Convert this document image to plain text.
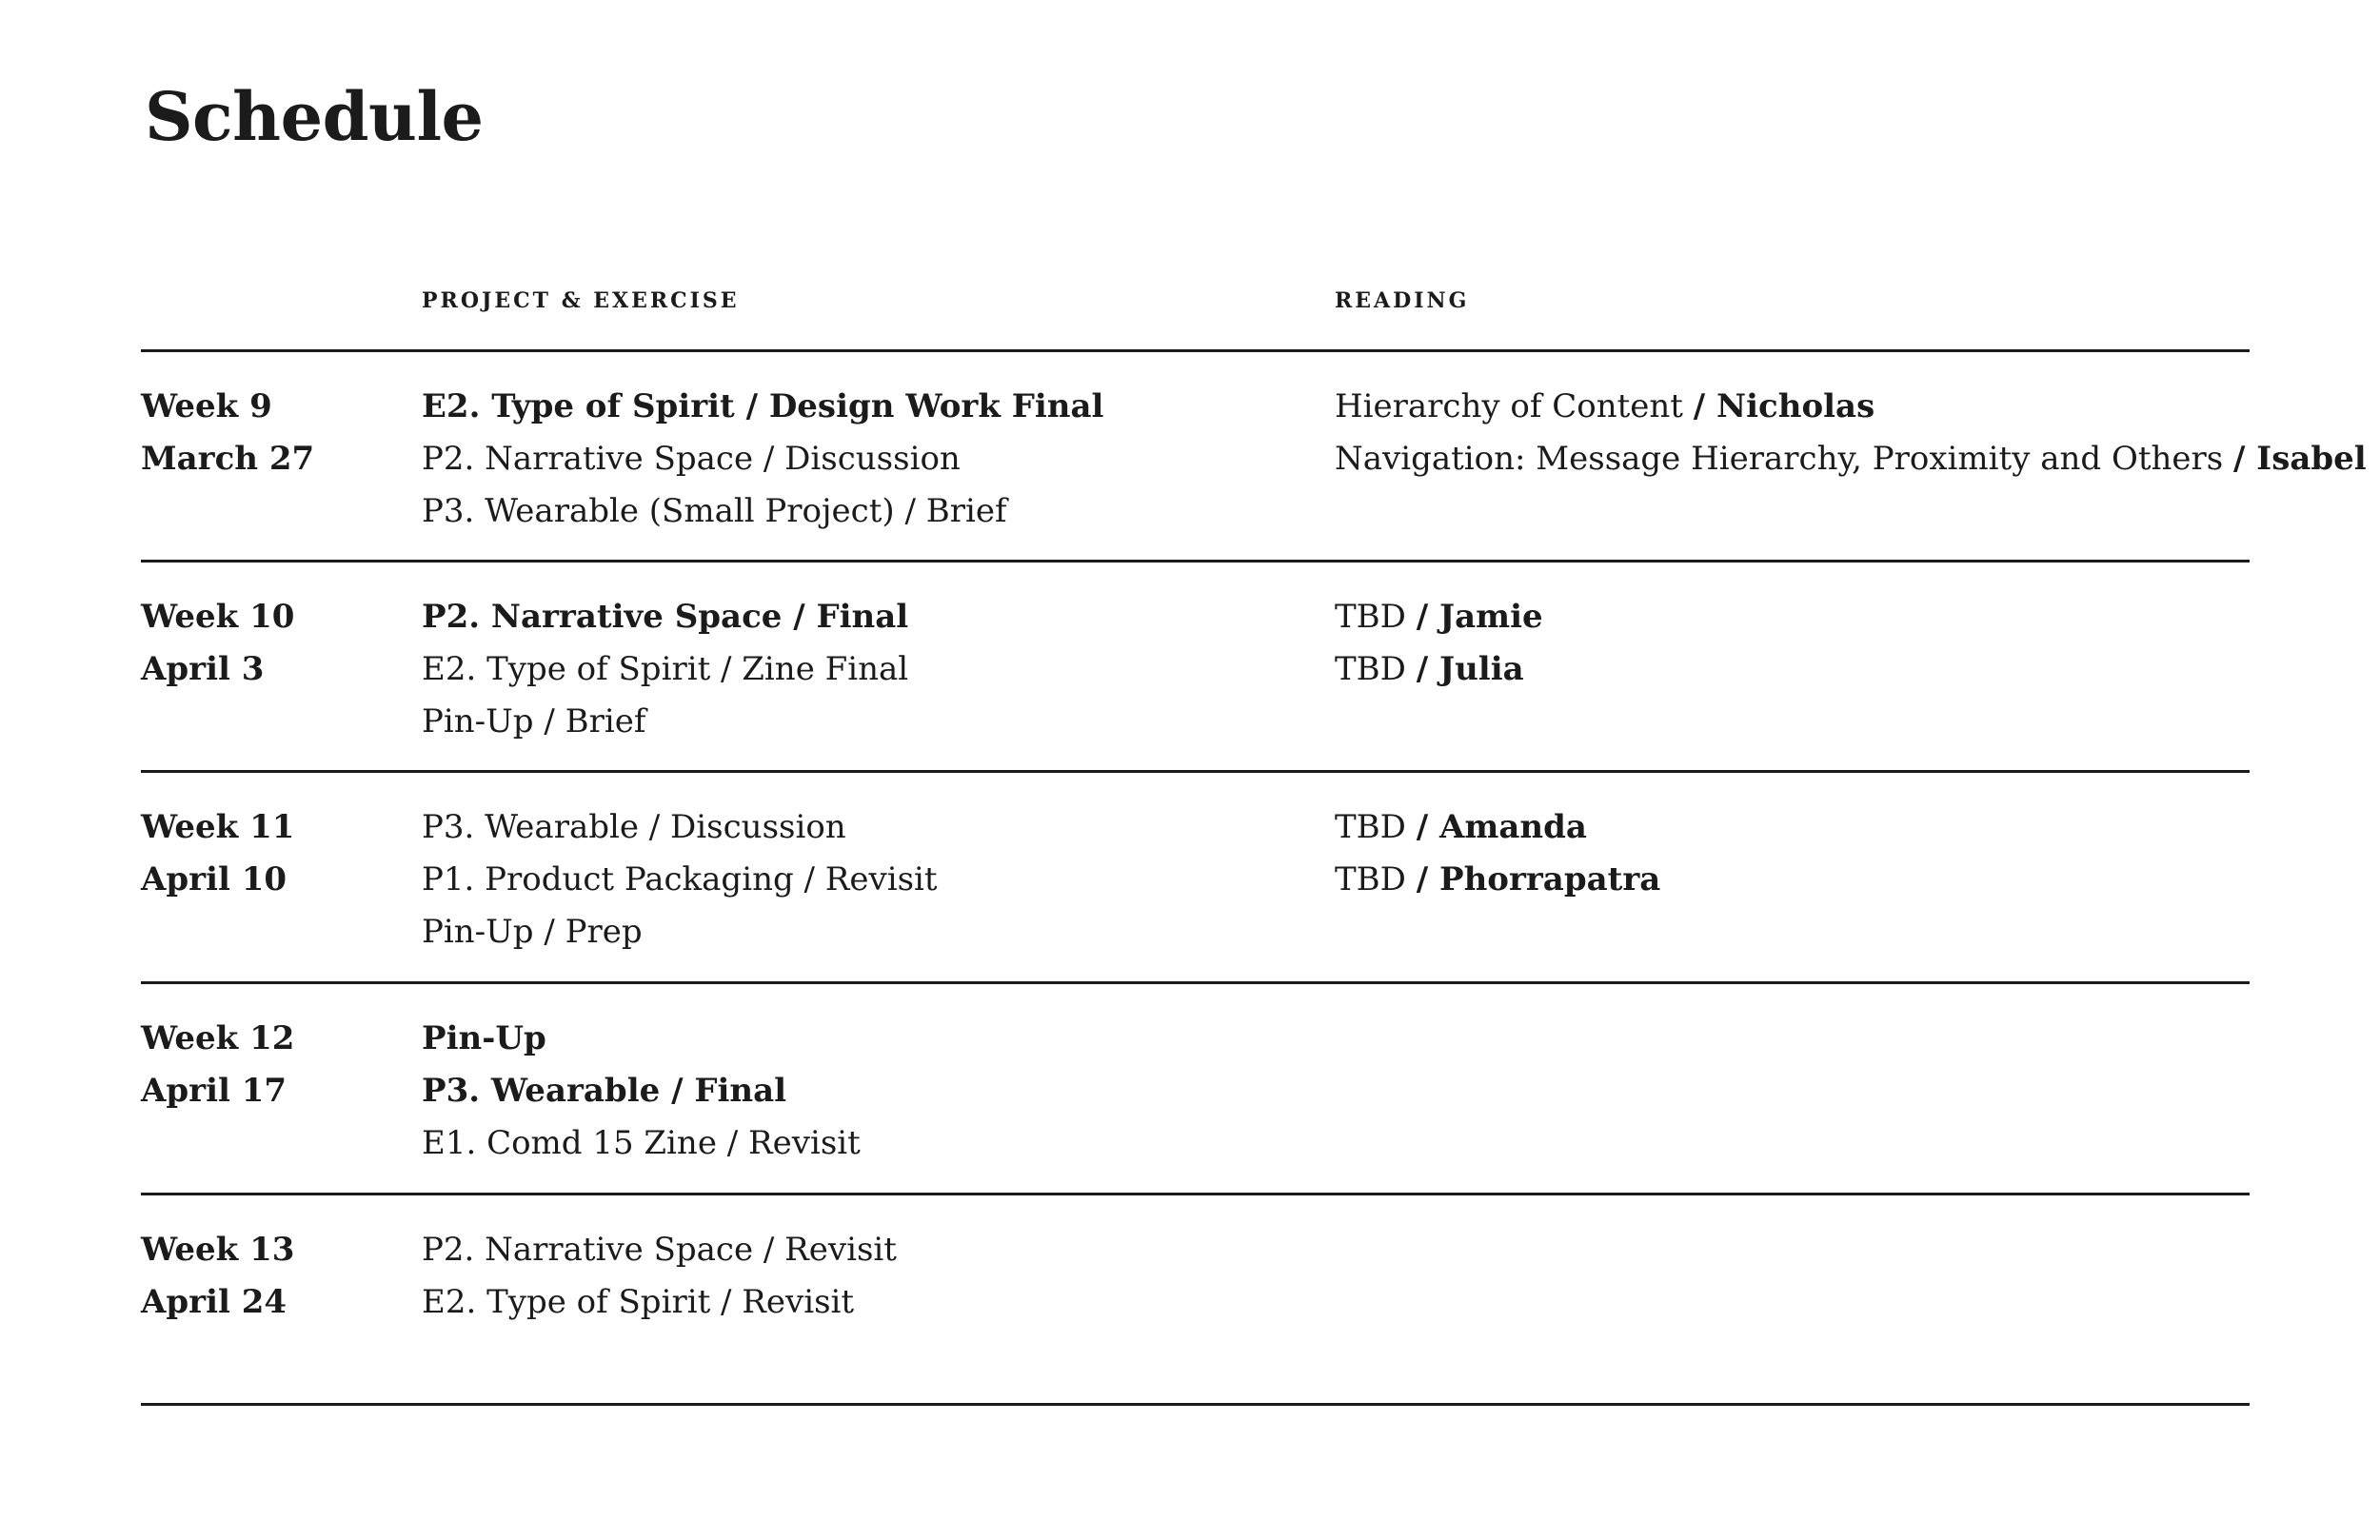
Schedule
PROJECT & EXERCISE	READING
Week 9
March 27
E2. Type of Spirit / Design Work Final
P2. Narrative Space / Discussion
P3. Wearable (Small Project) / Brief
Hierarchy of Content / Nicholas
Navigation: Message Hierarchy, Proximity and Others / Isabel
Week 10
April 3
P2. Narrative Space / Final
E2. Type of Spirit / Zine Final
Pin-Up / Brief
TBD / Jamie
TBD / Julia
Week 11
April 10
P3. Wearable / Discussion
P1. Product Packaging / Revisit
Pin-Up / Prep
TBD / Amanda
TBD / Phorrapatra
Week 12
April 17
Pin-Up
P3. Wearable / Final
E1. Comd 15 Zine / Revisit
Week 13
April 24
P2. Narrative Space / Revisit
E2. Type of Spirit / Revisit
